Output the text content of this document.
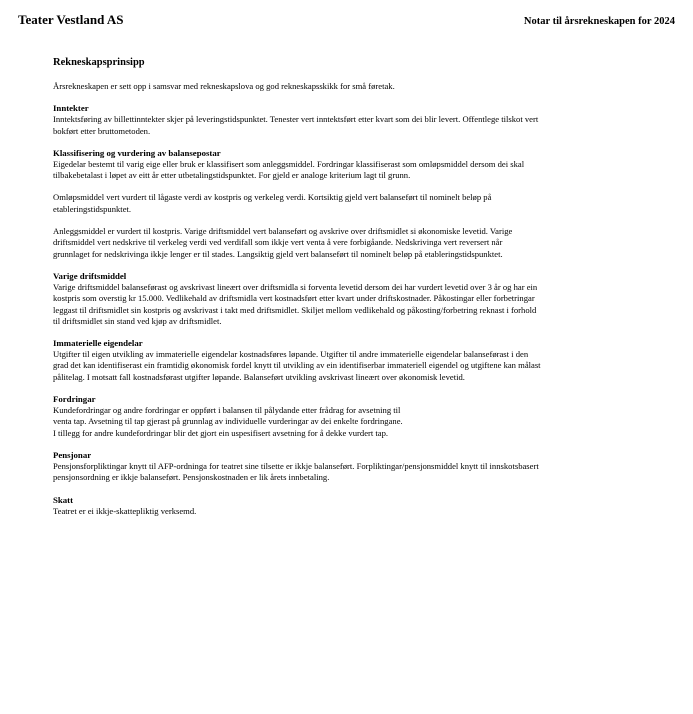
Teater Vestland AS	Notar til årsrekneskapen for 2024
Rekneskapsprinsipp

Årsrekneskapen er sett opp i samsvar med rekneskapslova og god rekneskapsskikk for små føretak.

Inntekter

Inntektsføring av billettinntekter skjer på leveringstidspunktet. Tenester vert inntektsført etter kvart som dei blir levert. Offentlege tilskot vert
bokført etter bruttometoden.

Klassifisering og vurdering av balansepostar

Eigedelar bestemt til varig eige eller bruk er klassifisert som anleggsmiddel. Fordringar klassifiserast som omløpsmiddel dersom dei skal
tilbakebetalast i løpet av eitt år etter utbetalingstidspunktet. For gjeld er analoge kriterium lagt til grunn.

Omløpsmiddel vert vurdert til lågaste verdi av kostpris og verkeleg verdi. Kortsiktig gjeld vert balanseført til nominelt beløp på
etableringstidspunktet.

Anleggsmiddel er vurdert til kostpris. Varige driftsmiddel vert balanseført og avskrive over driftsmidlet si økonomiske levetid. Varige
driftsmiddel vert nedskrive til verkeleg verdi ved verdifall som ikkje vert venta å vere forbigåande. Nedskrivinga vert reversert når
grunnlaget for nedskrivinga ikkje lenger er til stades. Langsiktig gjeld vert balanseført til nominelt beløp på etableringstidspunktet.

Varige driftsmiddel

Varige driftsmiddel balanseførast og avskrivast lineært over driftsmidla si forventa levetid dersom dei har vurdert levetid over 3 år og har ein
kostpris som overstig kr 15.000. Vedlikehald av driftsmidla vert kostnadsført etter kvart under driftskostnader. Påkostingar eller forbetringar
leggast til driftsmidlet sin kostpris og avskrivast i takt med driftsmidlet. Skiljet mellom vedlikehald og påkosting/forbetring reknast i forhold
til driftsmidlet sin stand ved kjøp av driftsmidlet.

Immaterielle eigendelar

Utgifter til eigen utvikling av immaterielle eigendelar kostnadsføres løpande. Utgifter til andre immaterielle eigendelar balanseførast i den
grad det kan identifiserast ein framtidig økonomisk fordel knytt til utvikling av ein identifiserbar immateriell eigendel og utgiftene kan målast
pålitelag. I motsatt fall kostnadsførast utgifter løpande. Balanseført utvikling avskrivast lineært over økonomisk levetid.

Fordringar

Kundefordringar og andre fordringar er oppført i balansen til pålydande etter frådrag for avsetning til
venta tap. Avsetning til tap gjerast på grunnlag av individuelle vurderingar av dei enkelte fordringane.
I tillegg for andre kundefordringar blir det gjort ein uspesifisert avsetning for å dekke vurdert tap.

Pensjonar

Pensjonsforpliktingar knytt til AFP-ordninga for teatret sine tilsette er ikkje balanseført. Forpliktingar/pensjonsmiddel knytt til innskotsbasert
pensjonsordning er ikkje balanseført. Pensjonskostnaden er lik årets innbetaling.

Skatt

Teatret er ei ikkje-skattepliktig verksemd.
